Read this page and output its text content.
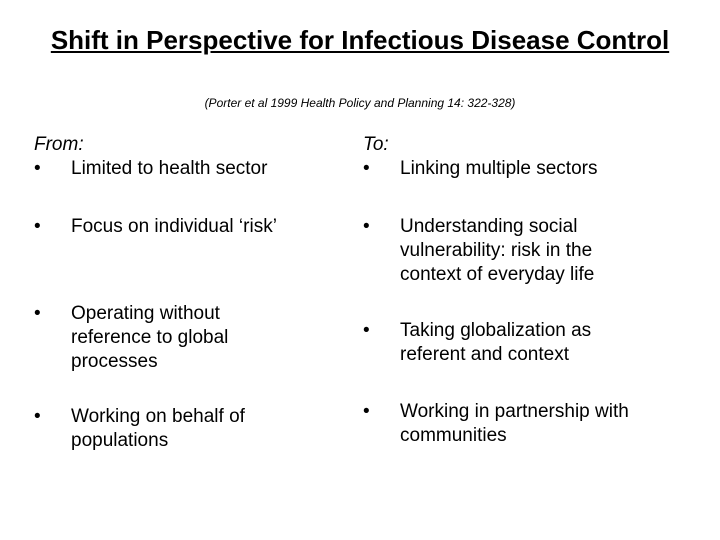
Shift in Perspective for Infectious Disease Control
(Porter et al 1999 Health Policy and Planning 14: 322-328)
From:
•	Limited to health sector
•	Focus on individual ‘risk’
•	Operating without reference to global processes
•	Working on behalf of populations
To:
•	Linking multiple sectors
•	Understanding social vulnerability: risk in the context of everyday life
•	Taking globalization as referent and context
•	Working in partnership with communities
